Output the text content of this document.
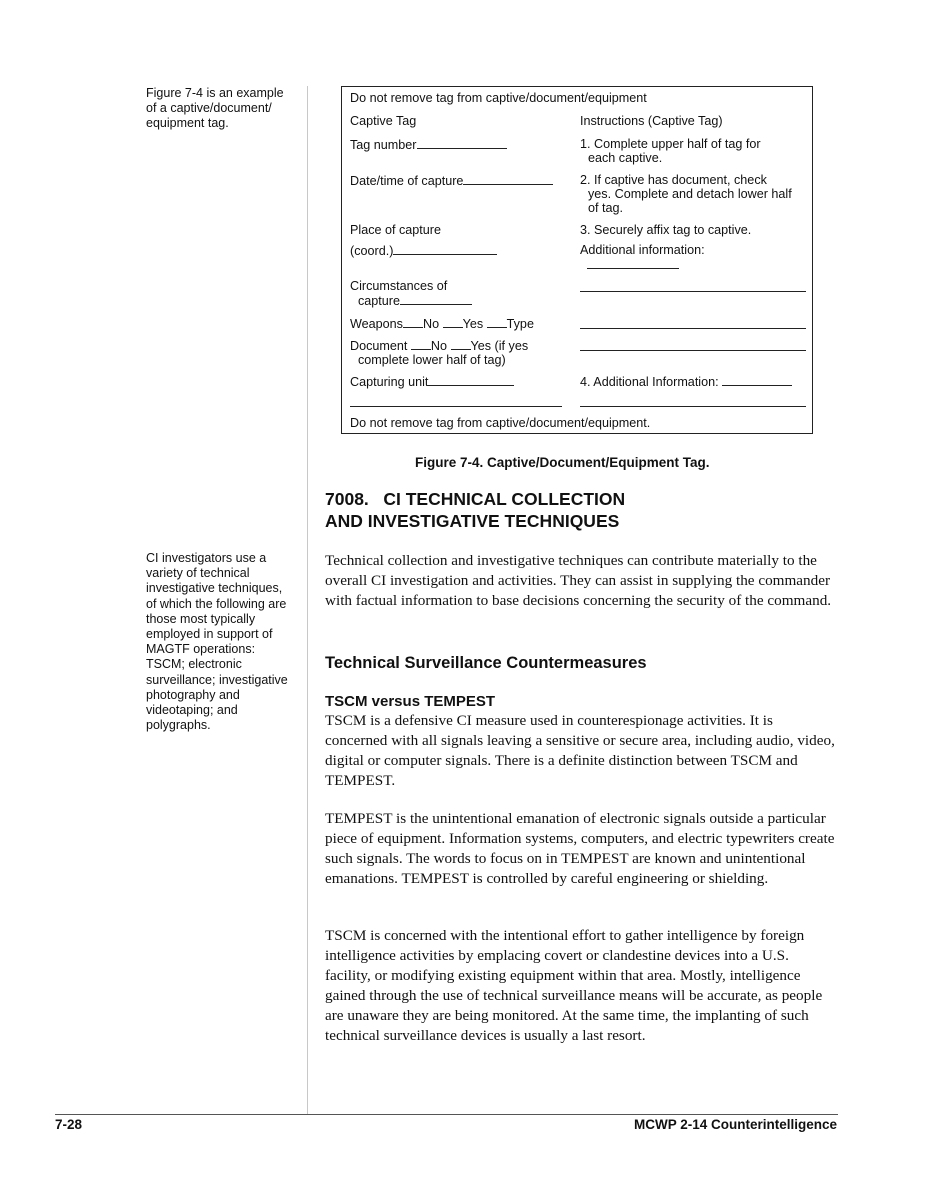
Figure 7-4 is an example
of a captive/document/
equipment tag.
CI investigators use a
variety of technical
investigative techniques,
of which the following are
those most typically
employed in support of
MAGTF operations:
TSCM; electronic
surveillance; investigative
photography and
videotaping; and
polygraphs.
Do not remove tag from captive/document/equipment
Captive Tag	Instructions (Captive Tag)
Tag number	1. Complete upper half of tag for
each captive.
Date/time of capture	2. If captive has document, check
yes. Complete and detach lower half
of tag.
Place of capture	3. Securely affix tag to captive.
(coord.)	Additional information:
Circumstances of
capture
Weapons No Yes Type
Document No Yes (if yes
complete lower half of tag)
Capturing unit	4. Additional Information:
Do not remove tag from captive/document/equipment.
Figure 7-4. Captive/Document/Equipment Tag.
7008.   CI TECHNICAL COLLECTION
AND INVESTIGATIVE TECHNIQUES
Technical collection and investigative techniques can contribute materially to the overall CI investigation and activities. They can assist in supplying the commander with factual information to base decisions concerning the security of the command.
Technical Surveillance Countermeasures
TSCM versus TEMPEST
TSCM is a defensive CI measure used in counterespionage activities. It is concerned with all signals leaving a sensitive or secure area, including audio, video, digital or computer signals. There is a definite distinction between TSCM and TEMPEST.
TEMPEST is the unintentional emanation of electronic signals outside a particular piece of equipment. Information systems, computers, and electric typewriters create such signals. The words to focus on in TEMPEST are known and unintentional emanations. TEMPEST is controlled by careful engineering or shielding.
TSCM is concerned with the intentional effort to gather intelligence by foreign intelligence activities by emplacing covert or clandestine devices into a U.S. facility, or modifying existing equipment within that area. Mostly, intelligence gained through the use of technical surveillance means will be accurate, as people are unaware they are being monitored. At the same time, the implanting of such technical surveillance devices is usually a last resort.
7-28	MCWP 2-14 Counterintelligence
